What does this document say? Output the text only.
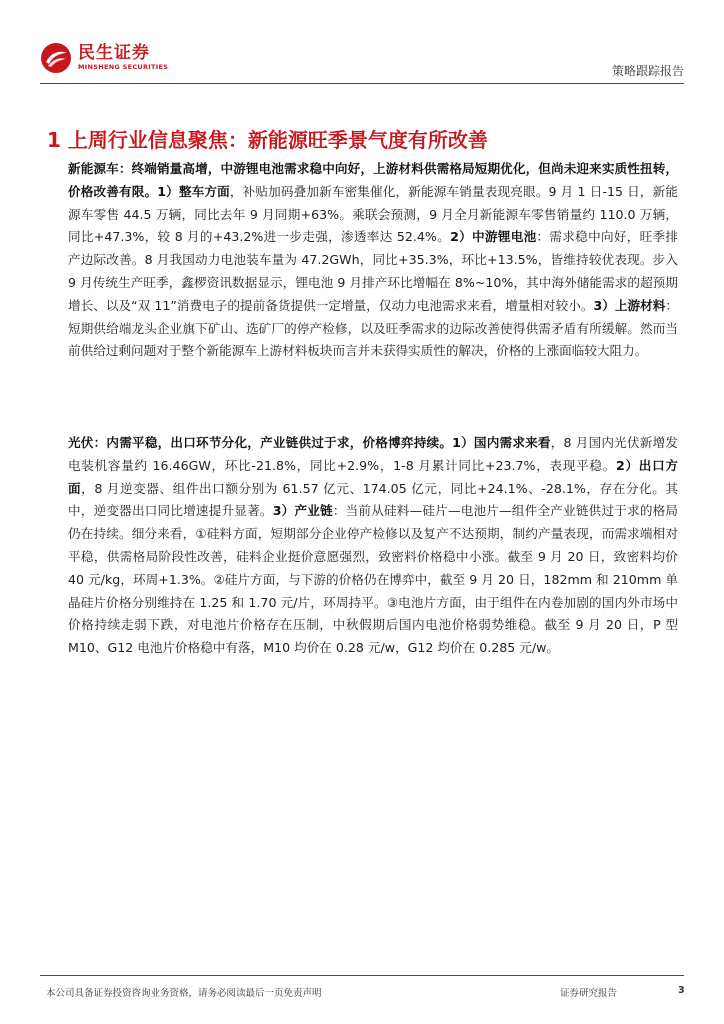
民生证券
MINSHENG SECURITIES	策略跟踪报告
1 上周行业信息聚焦：新能源旺季景气度有所改善
新能源车：终端销量高增，中游锂电池需求稳中向好，上游材料供需格局短期优化，但尚未迎来实质性扭转，价格改善有限。1）整车方面，补贴加码叠加新车密集催化，新能源车销量表现亮眼。9 月 1 日-15 日，新能源车零售 44.5 万辆，同比去年 9 月同期+63%。乘联会预测，9 月全月新能源车零售销量约 110.0 万辆，同比+47.3%，较 8 月的+43.2%进一步走强，渗透率达 52.4%。2）中游锂电池：需求稳中向好，旺季排产边际改善。8 月我国动力电池装车量为 47.2GWh，同比+35.3%，环比+13.5%，皆维持较优表现。步入 9 月传统生产旺季，鑫椤资讯数据显示，锂电池 9 月排产环比增幅在 8%~10%，其中海外储能需求的超预期增长、以及“双 11”消费电子的提前备货提供一定增量，仅动力电池需求来看，增量相对较小。3）上游材料：短期供给端龙头企业旗下矿山、选矿厂的停产检修，以及旺季需求的边际改善使得供需矛盾有所缓解。然而当前供给过剩问题对于整个新能源车上游材料板块而言并未获得实质性的解决，价格的上涨面临较大阻力。
光伏：内需平稳，出口环节分化，产业链供过于求，价格博弈持续。1）国内需求来看，8 月国内光伏新增发电装机容量约 16.46GW，环比-21.8%，同比+2.9%，1-8 月累计同比+23.7%，表现平稳。2）出口方面，8 月逆变器、组件出口额分别为 61.57 亿元、174.05 亿元，同比+24.1%、-28.1%，存在分化。其中，逆变器出口同比增速提升显著。3）产业链：当前从硅料—硅片—电池片—组件全产业链供过于求的格局仍在持续。细分来看，①硅料方面，短期部分企业停产检修以及复产不达预期，制约产量表现，而需求端相对平稳，供需格局阶段性改善，硅料企业挺价意愿强烈，致密料价格稳中小涨。截至 9 月 20 日，致密料均价 40 元/kg，环周+1.3%。②硅片方面，与下游的价格仍在博弈中，截至 9 月 20 日，182mm 和 210mm 单晶硅片价格分别维持在 1.25 和 1.70 元/片，环周持平。③电池片方面，由于组件在内卷加剧的国内外市场中价格持续走弱下跌，对电池片价格存在压制，中秋假期后国内电池价格弱势维稳。截至 9 月 20 日，P 型 M10、G12 电池片价格稳中有落，M10 均价在 0.28 元/w，G12 均价在 0.285 元/w。
本公司具备证券投资咨询业务资格，请务必阅读最后一页免责声明	证券研究报告	3
